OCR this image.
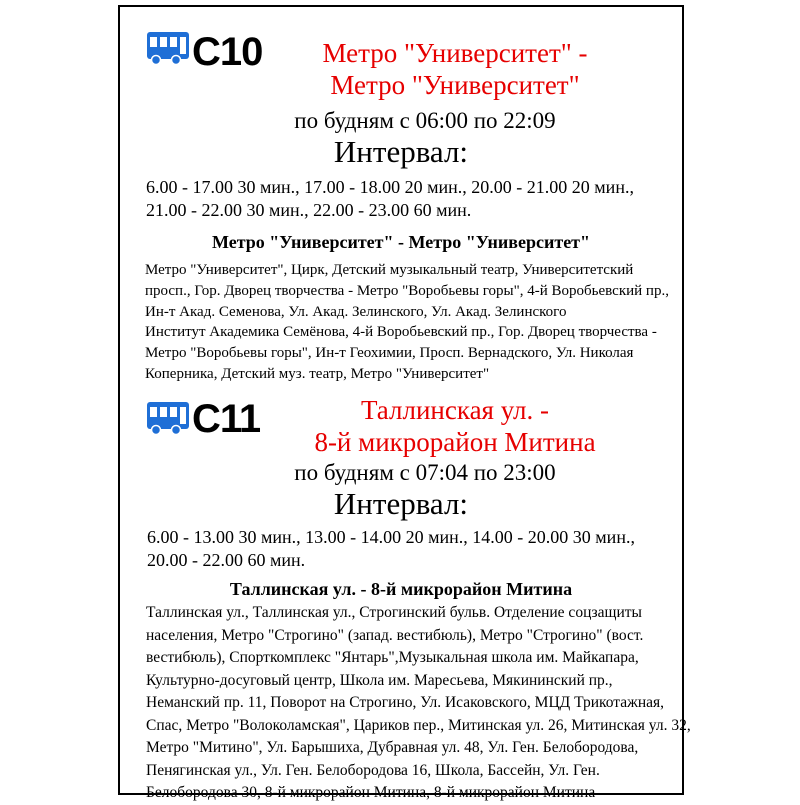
С10	Метро "Университет" -
Метро "Университет"
по будням с 06:00 по 22:09
Интервал:
6.00 - 17.00 30 мин., 17.00 - 18.00 20 мин., 20.00 - 21.00 20 мин.,
21.00 - 22.00 30 мин., 22.00 - 23.00 60 мин.
Метро "Университет" - Метро "Университет"
Метро "Университет", Цирк, Детский музыкальный театр, Университетский
просп., Гор. Дворец творчества - Метро "Воробьевы горы", 4-й Воробьевский пр.,
Ин-т Акад. Семенова, Ул. Акад. Зелинского, Ул. Акад. Зелинского
Институт Академика Семёнова, 4-й Воробьевский пр., Гор. Дворец творчества -
Метро "Воробьевы горы", Ин-т Геохимии, Просп. Вернадского, Ул. Николая
Коперника, Детский муз. театр, Метро "Университет"
С11	Таллинская ул. -
8-й микрорайон Митина
по будням с 07:04 по 23:00
Интервал:
6.00 - 13.00 30 мин., 13.00 - 14.00 20 мин., 14.00 - 20.00 30 мин.,
20.00 - 22.00 60 мин.
Таллинская ул. - 8-й микрорайон Митина
Таллинская ул., Таллинская ул., Строгинский бульв. Отделение соцзащиты
населения, Метро "Строгино" (запад. вестибюль), Метро "Строгино" (вост.
вестибюль), Спорткомплекс "Янтарь",Музыкальная школа им. Майкапара,
Культурно-досуговый центр, Школа им. Маресьева, Мякининский пр.,
Неманский пр. 11, Поворот на Строгино, Ул. Исаковского, МЦД Трикотажная,
Спас, Метро "Волоколамская", Цариков пер., Митинская ул. 26, Митинская ул. 32,
Метро "Митино", Ул. Барышиха, Дубравная ул. 48, Ул. Ген. Белобородова,
Пенягинская ул., Ул. Ген. Белобородова 16, Школа, Бассейн, Ул. Ген.
Белобородова 30, 8-й микрорайон Митина, 8-й микрорайон Митина
